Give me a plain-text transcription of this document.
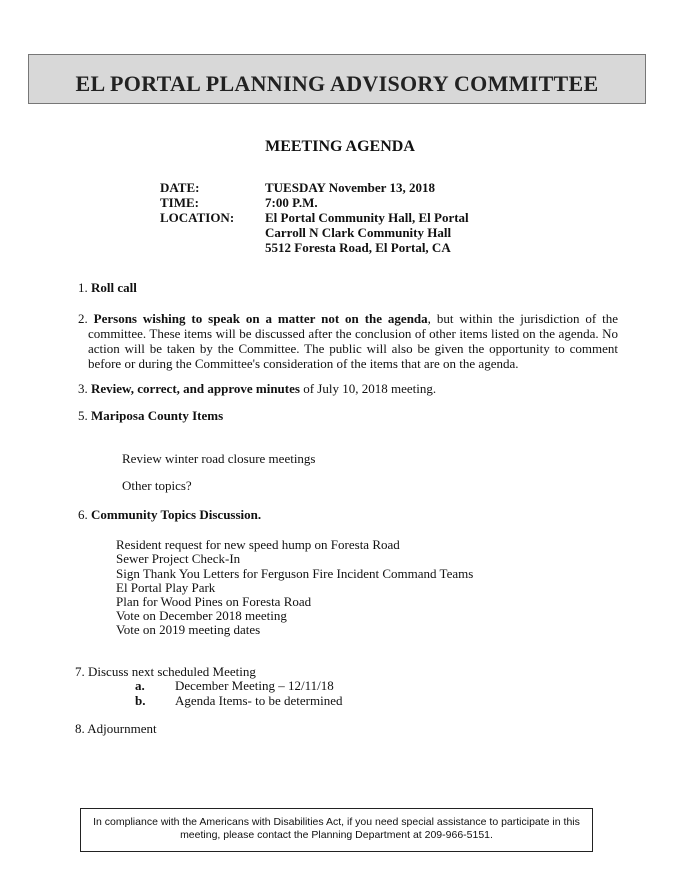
EL PORTAL PLANNING ADVISORY COMMITTEE
MEETING AGENDA
DATE:	TUESDAY November 13, 2018
TIME:	7:00 P.M.
LOCATION: El Portal Community Hall, El Portal
Carroll N Clark Community Hall
5512 Foresta Road, El Portal, CA
1. Roll call
2. Persons wishing to speak on a matter not on the agenda, but within the jurisdiction of the committee. These items will be discussed after the conclusion of other items listed on the agenda. No action will be taken by the Committee. The public will also be given the opportunity to comment before or during the Committee's consideration of the items that are on the agenda.
3. Review, correct, and approve minutes of July 10, 2018 meeting.
5. Mariposa County Items
Review winter road closure meetings
Other topics?
6. Community Topics Discussion.
Resident request for new speed hump on Foresta Road
Sewer Project Check-In
Sign Thank You Letters for Ferguson Fire Incident Command Teams
El Portal Play Park
Plan for Wood Pines on Foresta Road
Vote on December 2018 meeting
Vote on 2019 meeting dates
7. Discuss next scheduled Meeting
a. December Meeting – 12/11/18
b. Agenda Items- to be determined
8. Adjournment
In compliance with the Americans with Disabilities Act, if you need special assistance to participate in this
meeting, please contact the Planning Department at 209-966-5151.
